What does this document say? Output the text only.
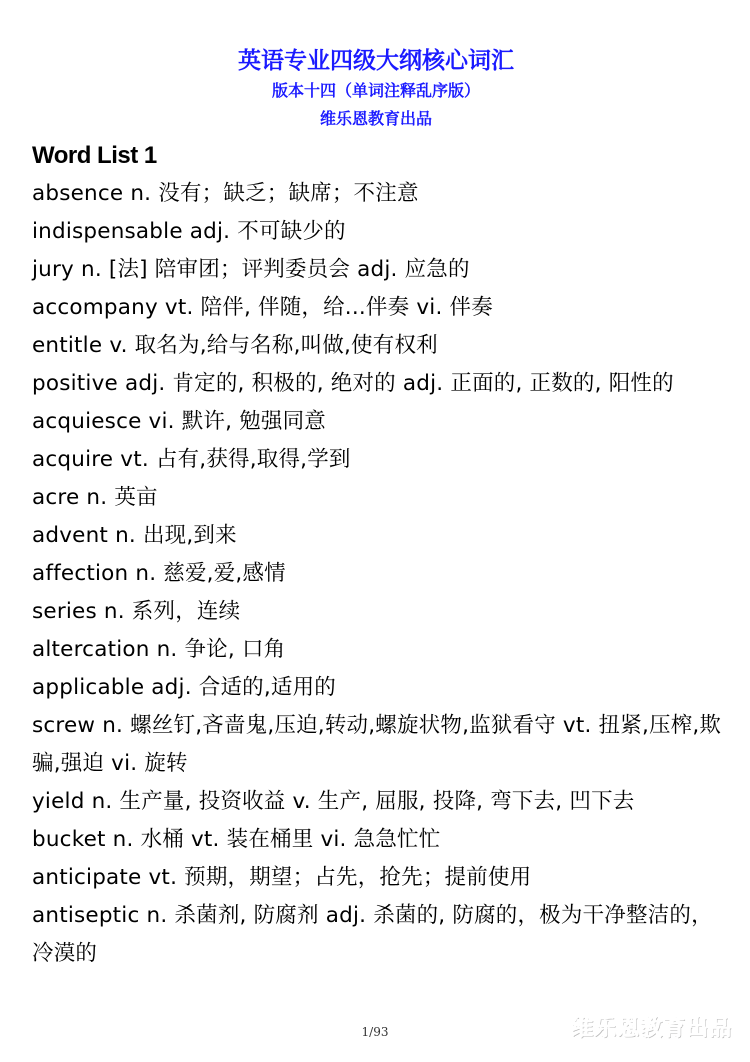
英语专业四级大纲核心词汇
版本十四（单词注释乱序版）
维乐恩教育出品
Word List 1
absence n. 没有；缺乏；缺席；不注意
indispensable adj. 不可缺少的
jury n. [法] 陪审团；评判委员会 adj. 应急的
accompany vt. 陪伴, 伴随，给...伴奏 vi. 伴奏
entitle v. 取名为,给与名称,叫做,使有权利
positive adj. 肯定的, 积极的, 绝对的 adj. 正面的, 正数的, 阳性的
acquiesce vi. 默许, 勉强同意
acquire vt. 占有,获得,取得,学到
acre n. 英亩
advent n. 出现,到来
affection n. 慈爱,爱,感情
series n. 系列，连续
altercation n. 争论, 口角
applicable adj. 合适的,适用的
screw n. 螺丝钉,吝啬鬼,压迫,转动,螺旋状物,监狱看守 vt. 扭紧,压榨,欺骗,强迫 vi. 旋转
yield n. 生产量, 投资收益 v. 生产, 屈服, 投降, 弯下去, 凹下去
bucket n. 水桶 vt. 装在桶里 vi. 急急忙忙
anticipate vt. 预期，期望；占先，抢先；提前使用
antiseptic n. 杀菌剂, 防腐剂 adj. 杀菌的, 防腐的，极为干净整洁的，冷漠的
1/93	维乐恩教育出品
